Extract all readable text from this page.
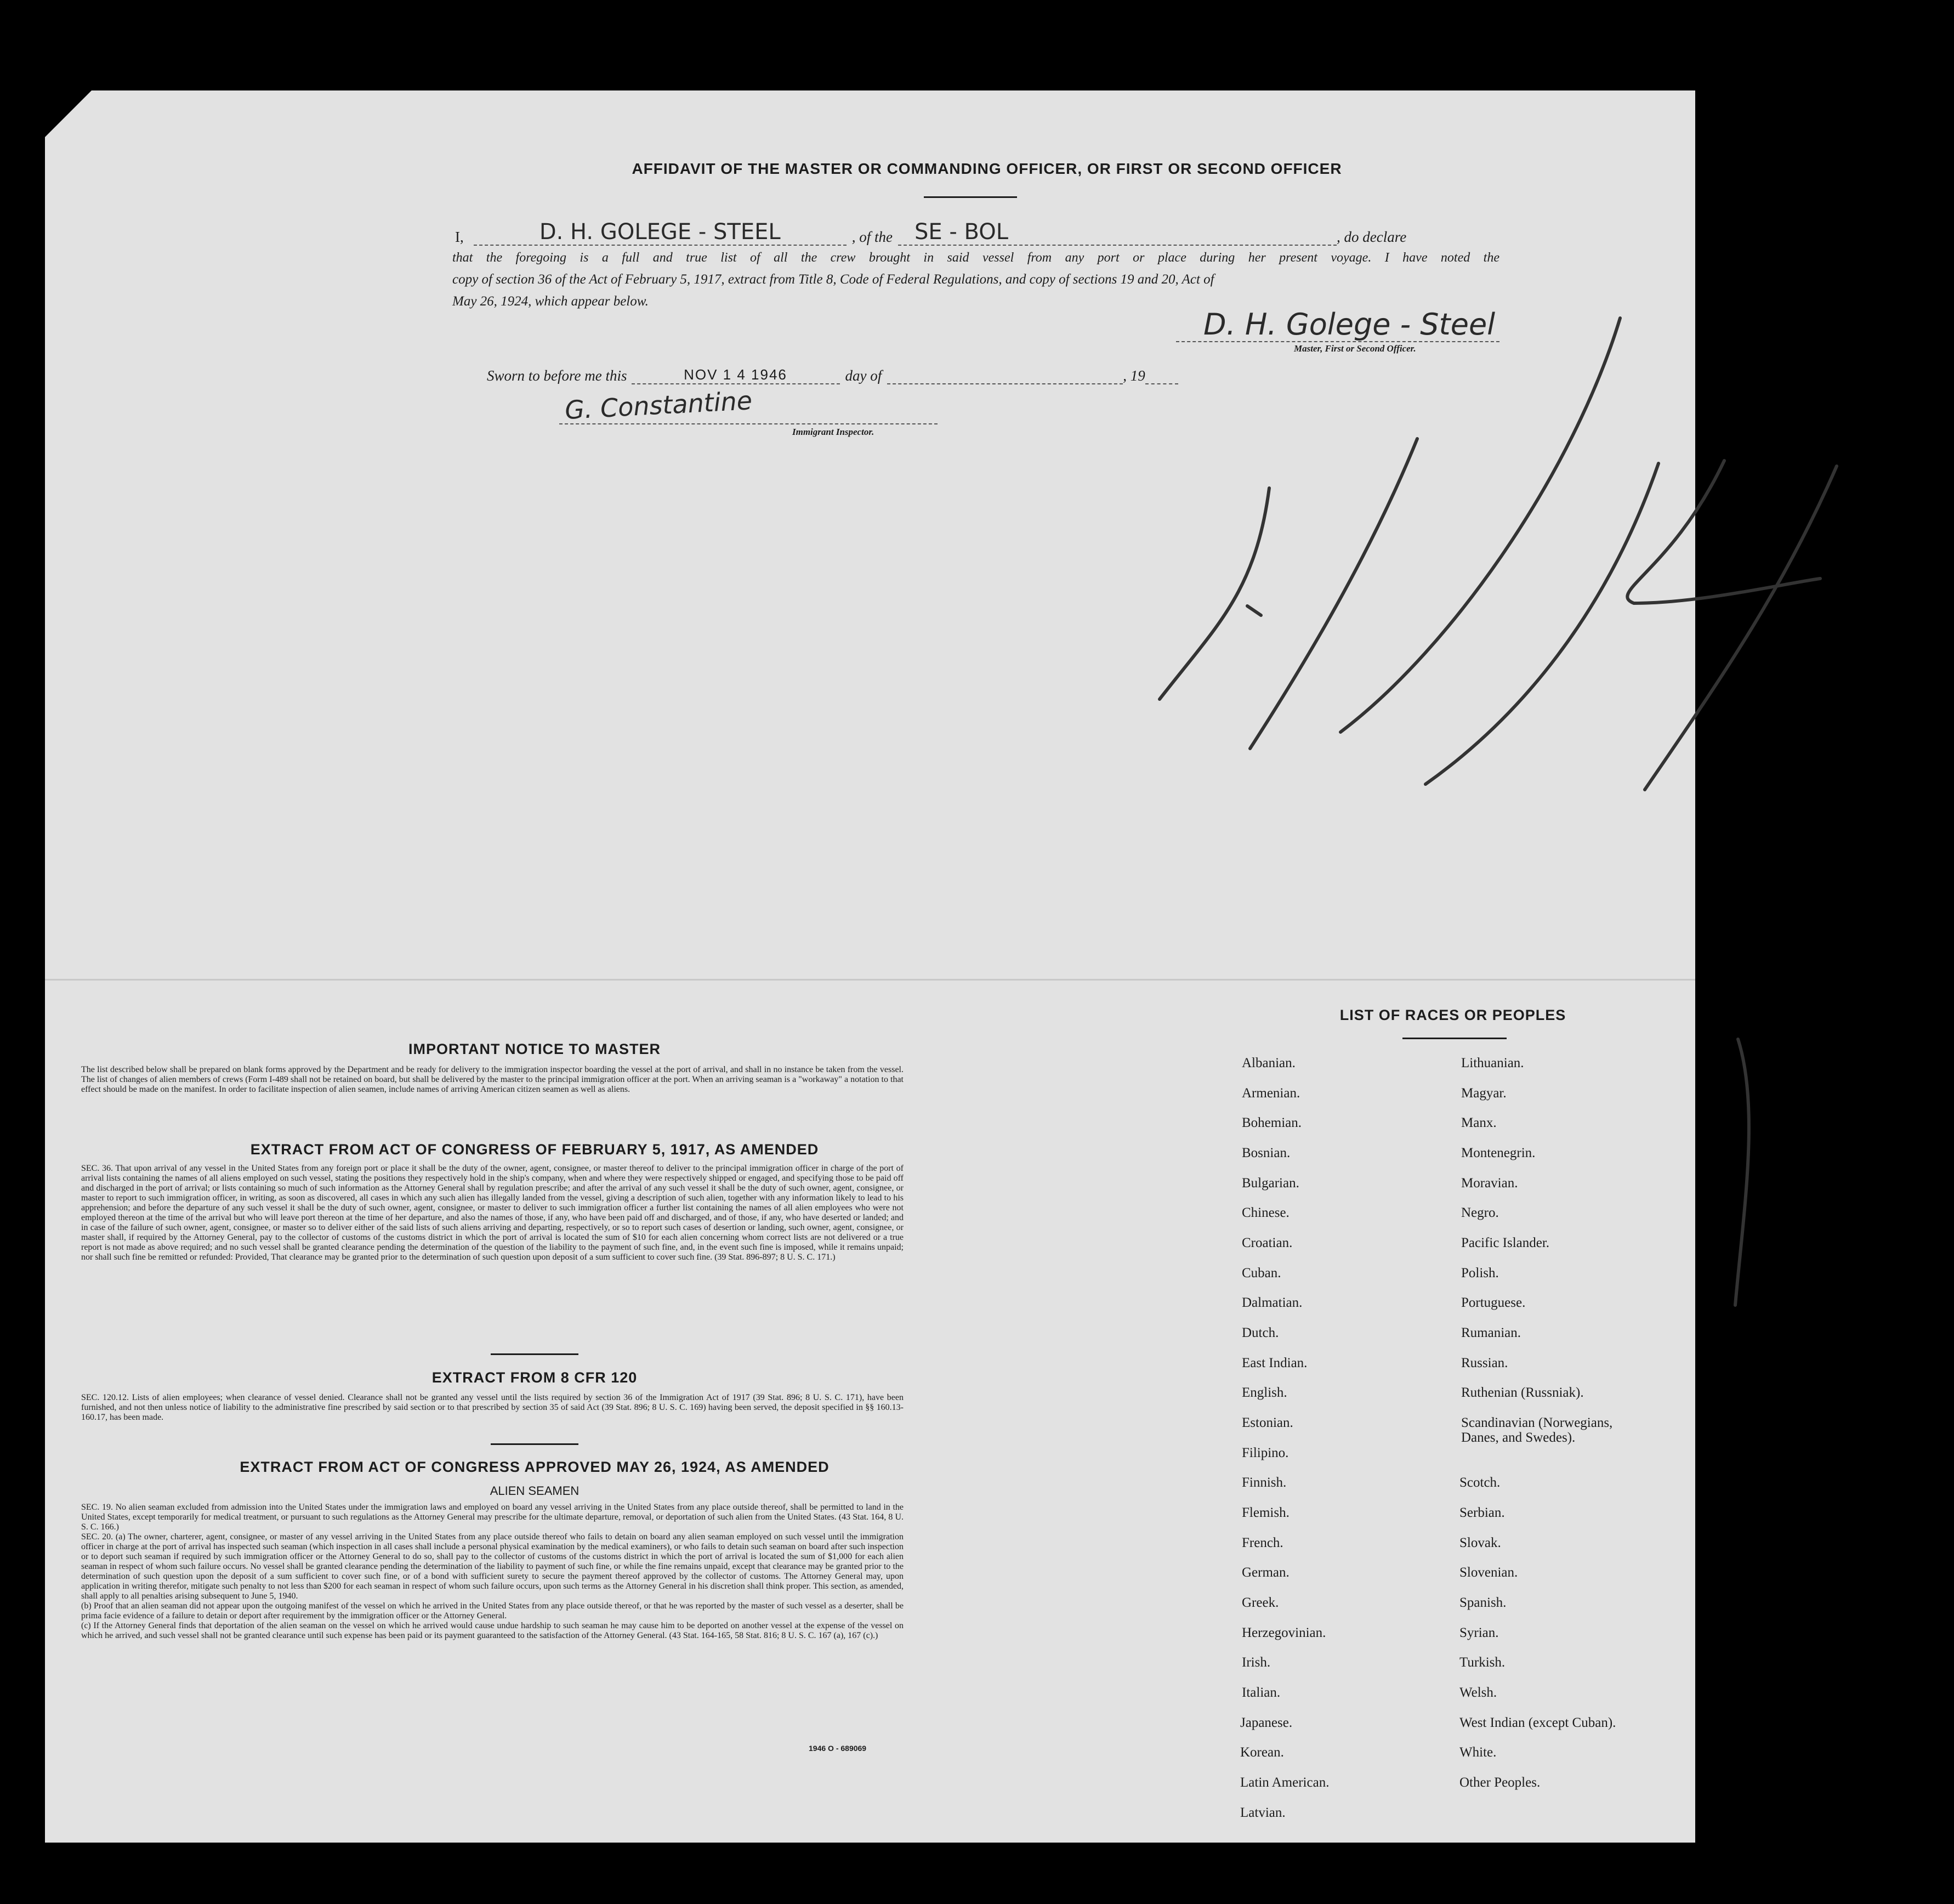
AFFIDAVIT OF THE MASTER OR COMMANDING OFFICER, OR FIRST OR SECOND OFFICER
I,	D. H. GOLEGE - STEEL	, of the	SE - BOL	, do declare
that the foregoing is a full and true list of all the crew brought in said vessel from any port or place during her present voyage. I have noted the
copy of section 36 of the Act of February 5, 1917, extract from Title 8, Code of Federal Regulations, and copy of sections 19 and 20, Act of
May 26, 1924, which appear below.
D. H. Golege - Steel
Master, First or Second Officer.
Sworn to before me this	NOV 1 4 1946	day of	, 19
G. Constantine
Immigrant Inspector.
IMPORTANT NOTICE TO MASTER
The list described below shall be prepared on blank forms approved by the Department and be ready for delivery to the immigration inspector boarding the vessel at the port of arrival, and shall in no instance be taken from the vessel. The list of changes of alien members of crews (Form I-489 shall not be retained on board, but shall be delivered by the master to the principal immigration officer at the port. When an arriving seaman is a "workaway" a notation to that effect should be made on the manifest. In order to facilitate inspection of alien seamen, include names of arriving American citizen seamen as well as aliens.
EXTRACT FROM ACT OF CONGRESS OF FEBRUARY 5, 1917, AS AMENDED
SEC. 36. That upon arrival of any vessel in the United States from any foreign port or place it shall be the duty of the owner, agent, consignee, or master thereof to deliver to the principal immigration officer in charge of the port of arrival lists containing the names of all aliens employed on such vessel, stating the positions they respectively hold in the ship's company, when and where they were respectively shipped or engaged, and specifying those to be paid off and discharged in the port of arrival; or lists containing so much of such information as the Attorney General shall by regulation prescribe; and after the arrival of any such vessel it shall be the duty of such owner, agent, consignee, or master to report to such immigration officer, in writing, as soon as discovered, all cases in which any such alien has illegally landed from the vessel, giving a description of such alien, together with any information likely to lead to his apprehension; and before the departure of any such vessel it shall be the duty of such owner, agent, consignee, or master to deliver to such immigration officer a further list containing the names of all alien employees who were not employed thereon at the time of the arrival but who will leave port thereon at the time of her departure, and also the names of those, if any, who have been paid off and discharged, and of those, if any, who have deserted or landed; and in case of the failure of such owner, agent, consignee, or master so to deliver either of the said lists of such aliens arriving and departing, respectively, or so to report such cases of desertion or landing, such owner, agent, consignee, or master shall, if required by the Attorney General, pay to the collector of customs of the customs district in which the port of arrival is located the sum of $10 for each alien concerning whom correct lists are not delivered or a true report is not made as above required; and no such vessel shall be granted clearance pending the determination of the question of the liability to the payment of such fine, and, in the event such fine is imposed, while it remains unpaid; nor shall such fine be remitted or refunded: Provided, That clearance may be granted prior to the determination of such question upon deposit of a sum sufficient to cover such fine. (39 Stat. 896-897; 8 U. S. C. 171.)
EXTRACT FROM 8 CFR 120
SEC. 120.12. Lists of alien employees; when clearance of vessel denied. Clearance shall not be granted any vessel until the lists required by section 36 of the Immigration Act of 1917 (39 Stat. 896; 8 U. S. C. 171), have been furnished, and not then unless notice of liability to the administrative fine prescribed by said section or to that prescribed by section 35 of said Act (39 Stat. 896; 8 U. S. C. 169) having been served, the deposit specified in §§ 160.13-160.17, has been made.
EXTRACT FROM ACT OF CONGRESS APPROVED MAY 26, 1924, AS AMENDED
ALIEN SEAMEN
SEC. 19. No alien seaman excluded from admission into the United States under the immigration laws and employed on board any vessel arriving in the United States from any place outside thereof, shall be permitted to land in the United States, except temporarily for medical treatment, or pursuant to such regulations as the Attorney General may prescribe for the ultimate departure, removal, or deportation of such alien from the United States. (43 Stat. 164, 8 U. S. C. 166.)
SEC. 20. (a) The owner, charterer, agent, consignee, or master of any vessel arriving in the United States from any place outside thereof who fails to detain on board any alien seaman employed on such vessel until the immigration officer in charge at the port of arrival has inspected such seaman (which inspection in all cases shall include a personal physical examination by the medical examiners), or who fails to detain such seaman on board after such inspection or to deport such seaman if required by such immigration officer or the Attorney General to do so, shall pay to the collector of customs of the customs district in which the port of arrival is located the sum of $1,000 for each alien seaman in respect of whom such failure occurs. No vessel shall be granted clearance pending the determination of the liability to payment of such fine, or while the fine remains unpaid, except that clearance may be granted prior to the determination of such question upon the deposit of a sum sufficient to cover such fine, or of a bond with sufficient surety to secure the payment thereof approved by the collector of customs. The Attorney General may, upon application in writing therefor, mitigate such penalty to not less than $200 for each seaman in respect of whom such failure occurs, upon such terms as the Attorney General in his discretion shall think proper. This section, as amended, shall apply to all penalties arising subsequent to June 5, 1940.
(b) Proof that an alien seaman did not appear upon the outgoing manifest of the vessel on which he arrived in the United States from any place outside thereof, or that he was reported by the master of such vessel as a deserter, shall be prima facie evidence of a failure to detain or deport after requirement by the immigration officer or the Attorney General.
(c) If the Attorney General finds that deportation of the alien seaman on the vessel on which he arrived would cause undue hardship to such seaman he may cause him to be deported on another vessel at the expense of the vessel on which he arrived, and such vessel shall not be granted clearance until such expense has been paid or its payment guaranteed to the satisfaction of the Attorney General. (43 Stat. 164-165, 58 Stat. 816; 8 U. S. C. 167 (a), 167 (c).)
1946 O - 689069
LIST OF RACES OR PEOPLES
Albanian.
Armenian.
Bohemian.
Bosnian.
Bulgarian.
Chinese.
Croatian.
Cuban.
Dalmatian.
Dutch.
East Indian.
English.
Estonian.
Filipino.
Finnish.
Flemish.
French.
German.
Greek.
Herzegovinian.
Irish.
Italian.
Japanese.
Korean.
Latin American.
Latvian.
Lithuanian.
Magyar.
Manx.
Montenegrin.
Moravian.
Negro.
Pacific Islander.
Polish.
Portuguese.
Rumanian.
Russian.
Ruthenian (Russniak).
Scandinavian (Norwegians, Danes, and Swedes).
Scotch.
Serbian.
Slovak.
Slovenian.
Spanish.
Syrian.
Turkish.
Welsh.
West Indian (except Cuban).
White.
Other Peoples.
